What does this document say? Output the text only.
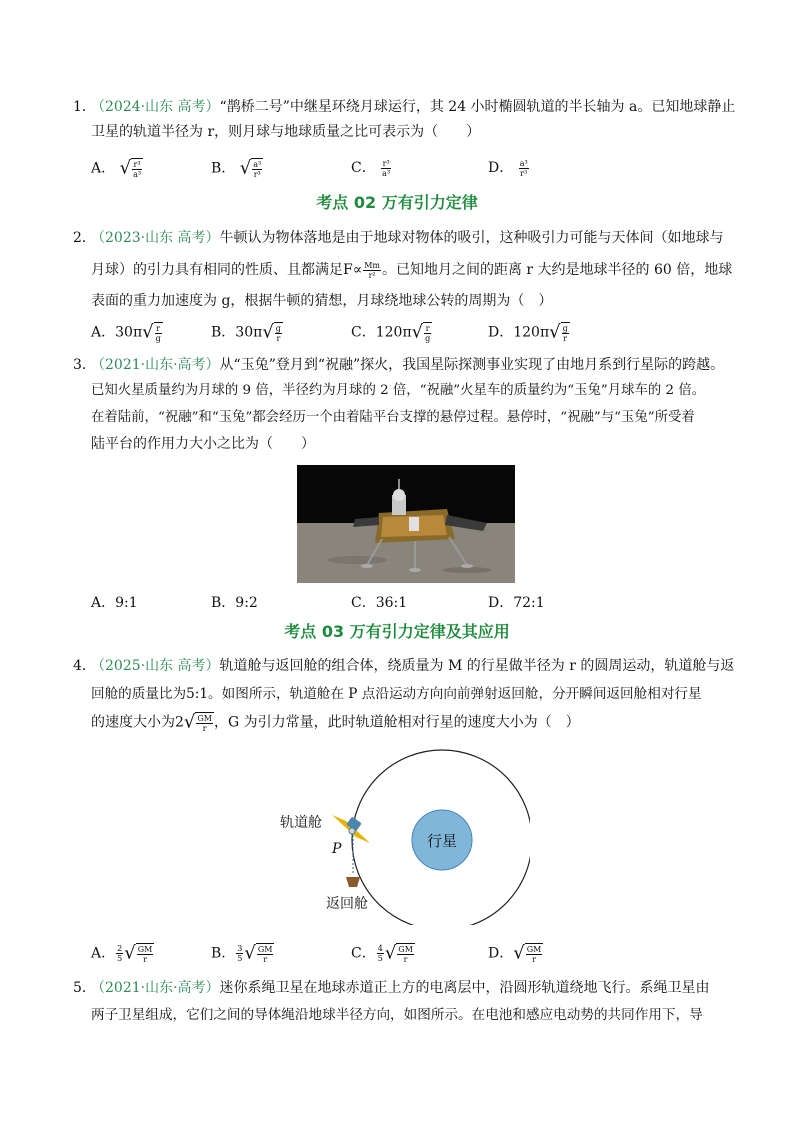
1．
（2024·山东 高考）“鹊桥二号”中继星环绕月球运行，其 24 小时椭圆轨道的半长轴为 a。已知地球静止
卫星的轨道半径为 r，则月球与地球质量之比可表示为（　　）
A． √ $\frac{\text{r³}}{\text{a³}}$	B． √ $\frac{\text{a³}}{\text{r³}}$	C． $\frac{\text{r³}}{\text{a³}}$	D． $\frac{\text{a³}}{\text{r³}}$
考点 02 万有引力定律
2．
（2023·山东 高考）牛顿认为物体落地是由于地球对物体的吸引，这种吸引力可能与天体间（如地球与
月球）的引力具有相同的性质、且都满足$F\propto \frac{Mm}{\text{r²}}$ 。已知地月之间的距离 r 大约是地球半径的 60 倍，地球
表面的重力加速度为 g，根据牛顿的猜想，月球绕地球公转的周期为（　）
A．$30\pi√ \frac{r}{g}$	B．$30\pi√ \frac{g}{r}$	C．$120\pi√ \frac{r}{g}$	D．$120\pi√ \frac{g}{r}$
3．
（2021·山东·高考）从“玉兔”登月到“祝融”探火，我国星际探测事业实现了由地月系到行星际的跨越。
已知火星质量约为月球的 9 倍，半径约为月球的 2 倍，“祝融”火星车的质量约为“玉兔”月球车的 2 倍。
在着陆前，“祝融”和“玉兔”都会经历一个由着陆平台支撑的悬停过程。悬停时，“祝融”与“玉兔”所受着
陆平台的作用力大小之比为（　　）
A．9:1	B．9:2	C．36:1	D．72:1
考点 03 万有引力定律及其应用
4．
（2025·山东 高考）轨道舱与返回舱的组合体，绕质量为 M 的行星做半径为 r 的圆周运动，轨道舱与返
回舱的质量比为5:1。如图所示，轨道舱在 P 点沿运动方向向前弹射返回舱，分开瞬间返回舱相对行星
的速度大小为$2√ \frac{GM}{r}$ ，G 为引力常量，此时轨道舱相对行星的速度大小为（　）
行星
轨道舱
P
返回舱
A． $\frac{2}{5}$ √ $\frac{GM}{r}$	B． $\frac{3}{5}$ √ $\frac{GM}{r}$	C． $\frac{4}{5}$ √ $\frac{GM}{r}$	D．√ $\frac{GM}{r}$
5．
（2021·山东·高考）迷你系绳卫星在地球赤道正上方的电离层中，沿圆形轨道绕地飞行。系绳卫星由
两子卫星组成，它们之间的导体绳沿地球半径方向，如图所示。在电池和感应电动势的共同作用下，导
